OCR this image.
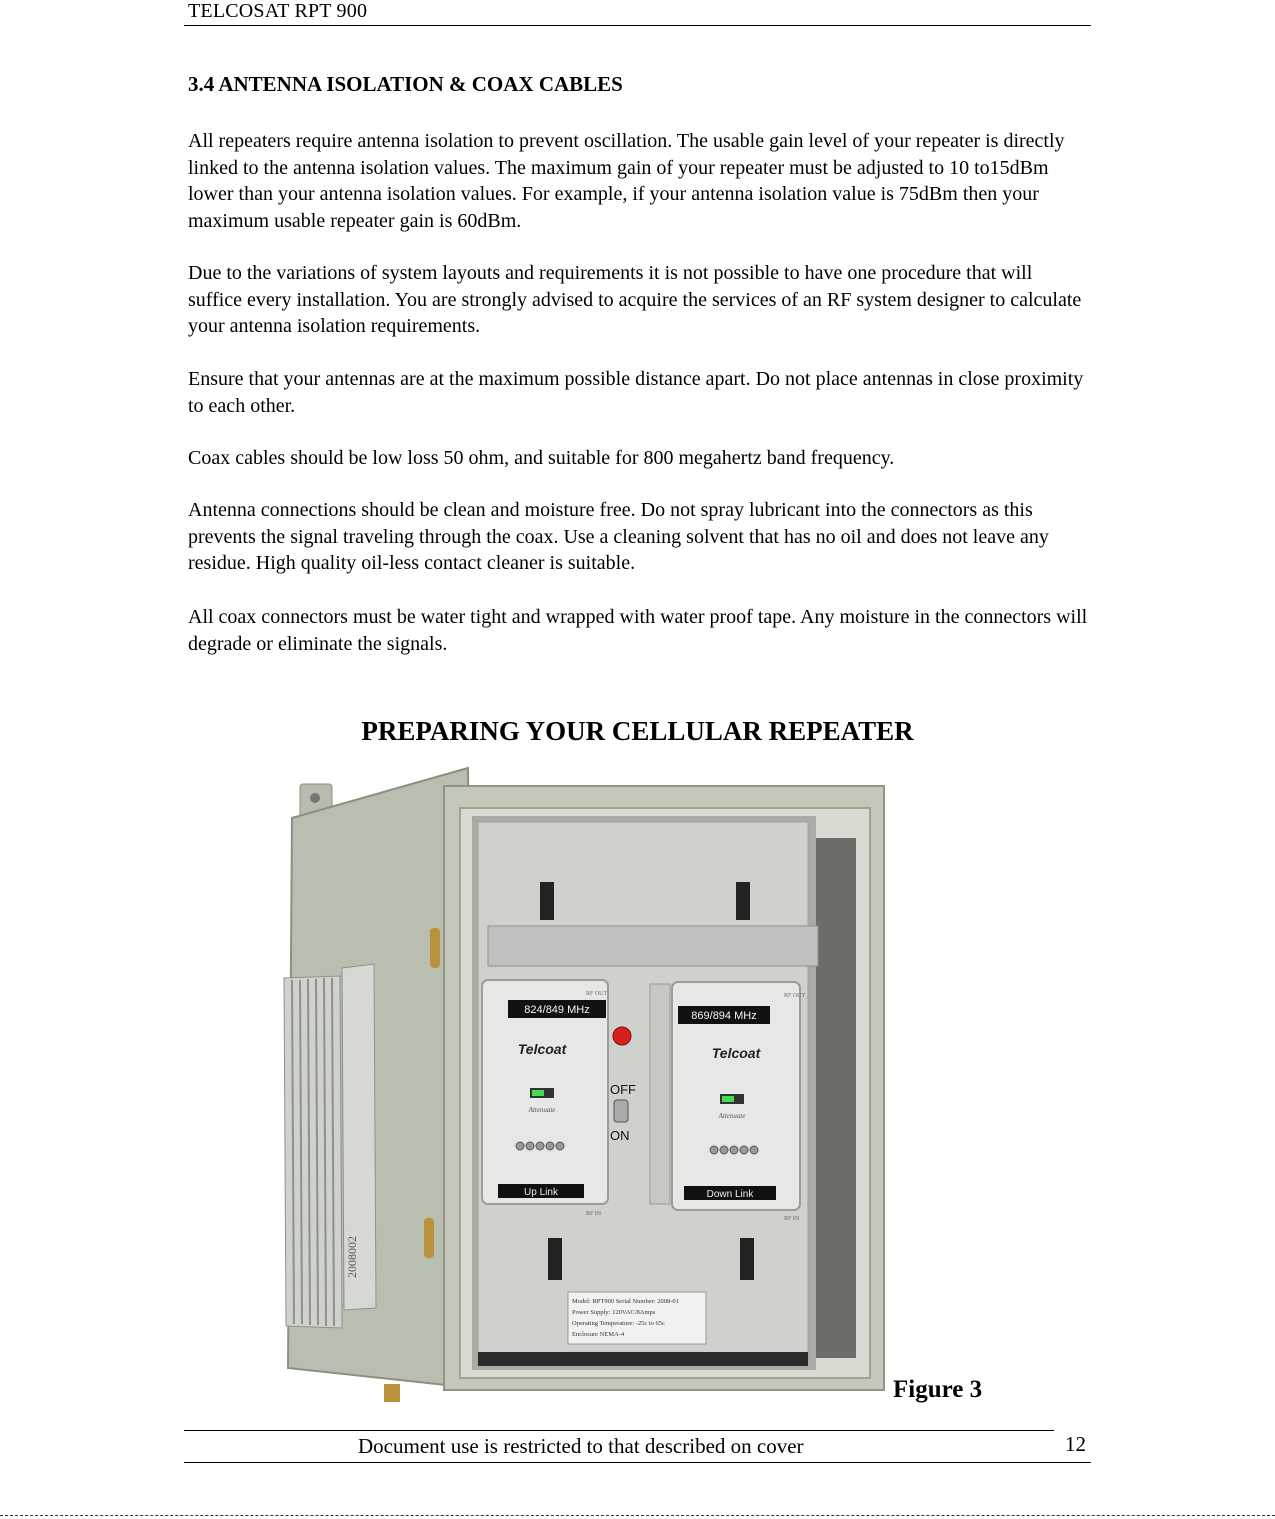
TELCOSAT RPT 900
3.4 ANTENNA ISOLATION & COAX CABLES
All repeaters require antenna isolation to prevent oscillation. The usable gain level of your repeater is directly linked to the antenna isolation values. The maximum gain of your repeater must be adjusted to 10 to15dBm lower than your antenna isolation values. For example, if your antenna isolation value is 75dBm then your maximum usable repeater gain is 60dBm.
Due to the variations of system layouts and requirements it is not possible to have one procedure that will suffice every installation. You are strongly advised to acquire the services of an RF system designer to calculate your antenna isolation requirements.
Ensure that your antennas are at the maximum possible distance apart. Do not place antennas in close proximity to each other.
Coax cables should be low loss 50 ohm, and suitable for 800 megahertz band frequency.
Antenna connections should be clean and moisture free. Do not spray lubricant into the connectors as this prevents the signal traveling through the coax. Use a cleaning solvent that has no oil and does not leave any residue. High quality oil-less contact cleaner is suitable.
All coax connectors must be water tight and wrapped with water proof tape. Any moisture in the connectors will degrade or eliminate the signals.
PREPARING YOUR CELLULAR REPEATER
2008002
RF OUT
824/849 MHz
Telcoat
Attenuate
Up Link
RF IN
OFF
ON
RF OUT
869/894 MHz
Telcoat
Attenuate
Down Link
RF IN
Model: RPT900 Serial Number: 2008-01
Power Supply: 120VAC/8Amps
Operating Temperature: -25c to 65c
Enclosure NEMA-4
Figure 3
Document use is restricted to that described on cover	12
